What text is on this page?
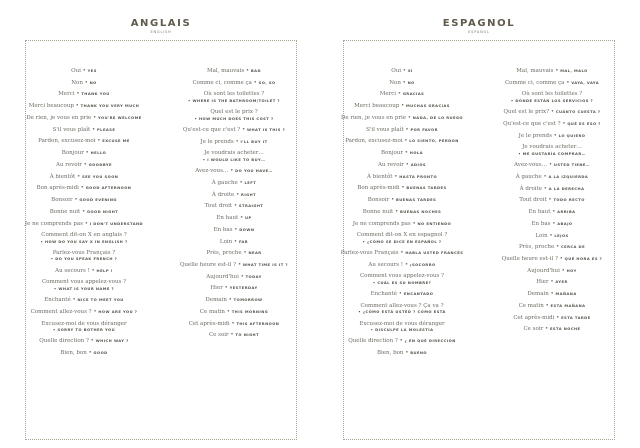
ANGLAIS
ENGLISH
Oui • YES
Non • NO
Merci • THANK YOU
Merci beaucoup • THANK YOU VERY MUCH
De rien, je vous en prie • YOU'RE WELCOME
S'il vous plaît • PLEASE
Pardon, excusez-moi • EXCUSE ME
Bonjour • HELLO
Au revoir • GOODBYE
À bientôt • SEE YOU SOON
Bon après-midi • GOOD AFTERNOON
Bonsoir • GOOD EVENING
Bonne nuit • GOOD NIGHT
Je ne comprends pas • I DON'T UNDERSTAND
Comment dit-on X en anglais ?
• HOW DO YOU SAY X IN ENGLISH ?
Parlez-vous Français ?
• DO YOU SPEAK FRENCH ?
Au secours ! • HELP !
Comment vous appelez-vous ?
• WHAT IS YOUR NAME ?
Enchanté • NICE TO MEET YOU
Comment allez-vous ? • HOW ARE YOU ?
Excusez-moi de vous déranger
• SORRY TO BOTHER YOU
Quelle direction ? • WHICH WAY ?
Bien, bon • GOOD
Mal, mauvais • BAD
Comme ci, comme ça • SO, SO
Où sont les toilettes ?
• WHERE IS THE BATHROOM/TOILET ?
Quel est le prix ?
• HOW MUCH DOES THIS COST ?
Qu'est-ce que c'est ? • WHAT IS THIS ?
Je le prends • I'LL BUY IT
Je voudrais acheter…
• I WOULD LIKE TO BUY…
Avez-vous… • DO YOU HAVE…
À gauche • LEFT
À droite • RIGHT
Tout droit • STRAIGHT
En haut • UP
En bas • DOWN
Loin • FAR
Près, proche • NEAR
Quelle heure est-il ? • WHAT TIME IS IT ?
Aujourd'hui • TODAY
Hier • YESTERDAY
Demain • TOMORROW
Ce matin • THIS MORNING
Cet après-midi • THIS AFTERNOON
Ce soir • TO NIGHT
ESPAGNOL
ESPAÑOL
Oui • SÍ
Non • NO
Merci • GRACIAS
Merci beaucoup • MUCHAS GRACIAS
De rien, je vous en prie • NADA, DE LO RUEGO
S'il vous plaît • POR FAVOR
Pardon, excusez-moi • LO SIENTO, PERDON
Bonjour • HOLA
Au revoir • ADIÓS
À bientôt • HASTA PRONTO
Bon après-midi • BUENAS TARDES
Bonsoir • BUENAS TARDES
Bonne nuit • BUENAS NOCHES
Je ne comprends pas • NO ENTIENDO
Comment dit-on X en espagnol ?
• ¿CÓMO SE DICE EN ESPAÑOL ?
Parlez-vous Français • HABLA USTED FRANCÉS
Au secours ! • ¡SOCORRO
Comment vous appelez-vous ?
• CUÁL ES SU NOMBRE?
Enchanté • ENCANTADO
Comment allez-vous ? Ça va ?
• ¿CÓMO ESTÁ USTED ? CÓMO ESTÁ
Excusez-moi de vous déranger
• DISCULPE LA MOLESTIA
Quelle direction ? • ¿ EN QUÉ DIRECCIÓN
Bien, bon • BUENO
Mal, mauvais • MAL, MALO
Comme ci, comme ça • VAYA, VAYA
Où sont les toilettes ?
• DÓNDE ESTÁN LOS SERVICIOS ?
Quel est le prix? • CUÁNTO CUESTA ?
Qu'est-ce que c'est ? • QUÉ ES ESO ?
Je le prends • LO QUIERO
Je voudrais acheter…
• ME GUSTARÍA COMPRAR…
Avez-vous… • USTED TIENE…
À gauche • A LA IZQUIERDA
À droite • A LA DERECHA
Tout droit • TODO RECTO
En haut • ARRIBA
En bas • ABAJO
Loin • LEJOS
Près, proche • CERCA DE
Quelle heure est-il ? • QUÉ HORA ES ?
Aujourd'hui • HOY
Hier • AYER
Demain • MAÑANA
Ce matin • ESTA MAÑANA
Cet après-midi • ESTA TARDE
Ce soir • ESTA NOCHE
